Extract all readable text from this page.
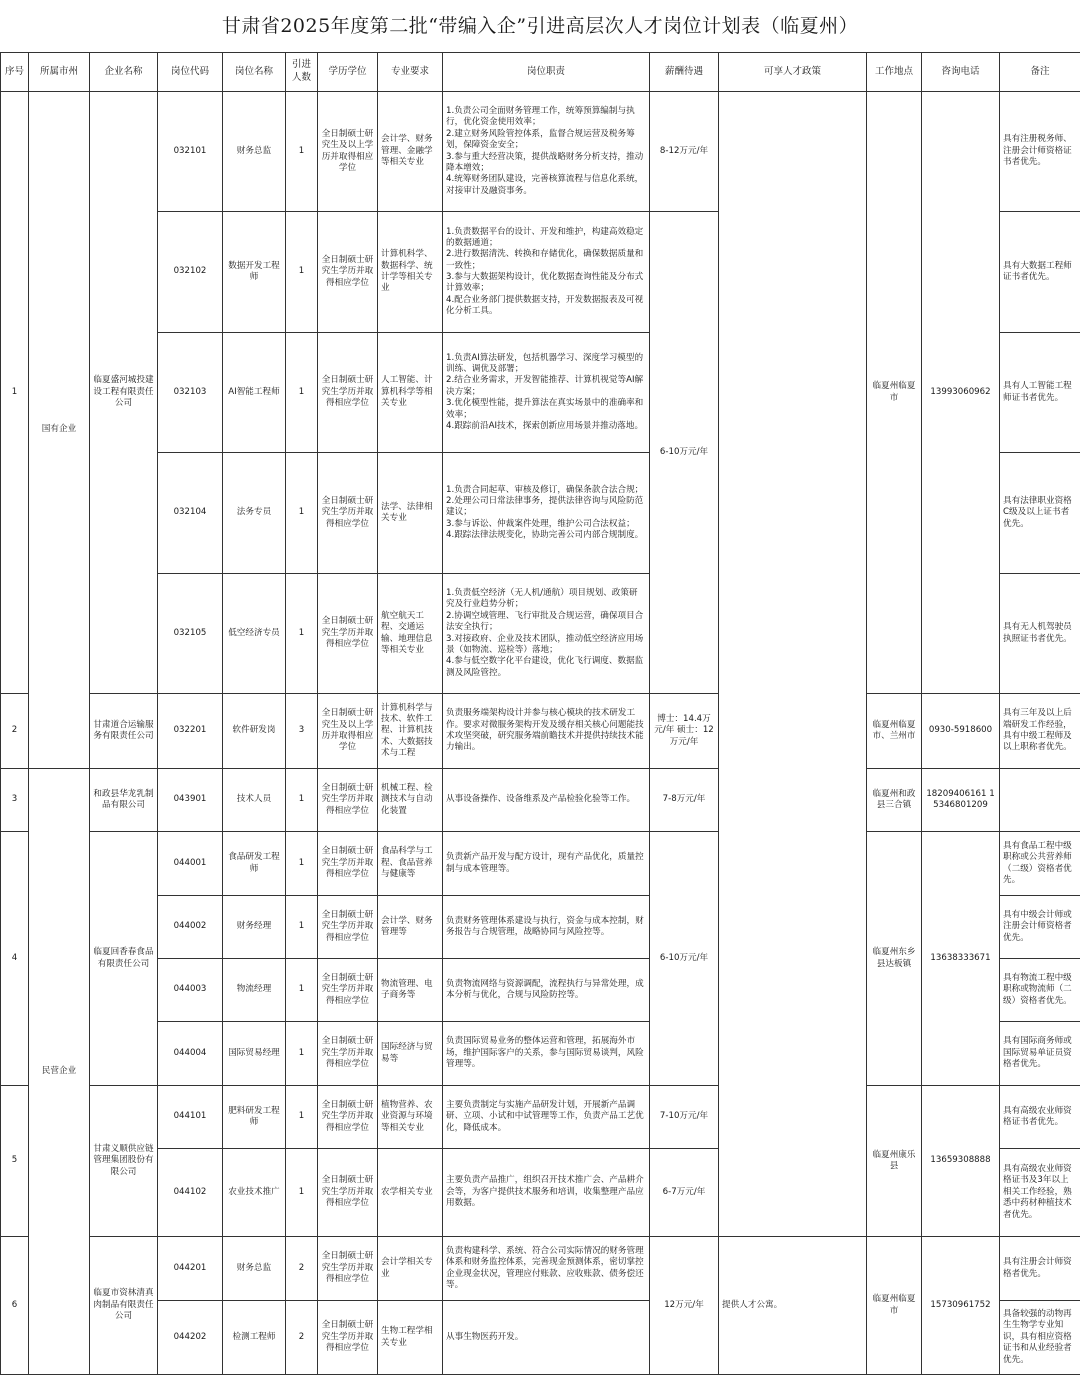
甘肃省2025年度第二批“带编入企”引进高层次人才岗位计划表（临夏州）
序号	所属市州	企业名称	岗位代码	岗位名称	引进人数	学历学位	专业要求	岗位职责	薪酬待遇	可享人才政策	工作地点	咨询电话	备注
1	国有企业	临夏盛河城投建设工程有限责任公司	032101	财务总监	1	全日制硕士研究生及以上学历并取得相应学位	会计学、财务管理、金融学等相关专业	1.负责公司全面财务管理工作，统筹预算编制与执行，优化资金使用效率；
2.建立财务风险管控体系，监督合规运营及税务筹划，保障资金安全；
3.参与重大经营决策，提供战略财务分析支持，推动降本增效；
4.统筹财务团队建设，完善核算流程与信息化系统，对接审计及融资事务。	8-12万元/年		临夏州临夏市	13993060962	具有注册税务师、注册会计师资格证书者优先。
			032102	数据开发工程师	1	全日制硕士研究生学历并取得相应学位	计算机科学、数据科学、统计学等相关专业	1.负责数据平台的设计、开发和维护，构建高效稳定的数据通道；
2.进行数据清洗、转换和存储优化，确保数据质量和一致性；
3.参与大数据架构设计，优化数据查询性能及分布式计算效率；
4.配合业务部门提供数据支持，开发数据报表及可视化分析工具。	6-10万元/年				具有大数据工程师证书者优先。
			032103	AI智能工程师	1	全日制硕士研究生学历并取得相应学位	人工智能、计算机科学等相关专业	1.负责AI算法研发，包括机器学习、深度学习模型的训练、调优及部署；
2.结合业务需求，开发智能推荐、计算机视觉等AI解决方案；
3.优化模型性能，提升算法在真实场景中的准确率和效率；
4.跟踪前沿AI技术，探索创新应用场景并推动落地。					具有人工智能工程师证书者优先。
			032104	法务专员	1	全日制硕士研究生学历并取得相应学位	法学、法律相关专业	1.负责合同起草、审核及修订，确保条款合法合规；
2.处理公司日常法律事务，提供法律咨询与风险防范建议；
3.参与诉讼、仲裁案件处理，维护公司合法权益；
4.跟踪法律法规变化，协助完善公司内部合规制度。					具有法律职业资格C级及以上证书者优先。
			032105	低空经济专员	1	全日制硕士研究生学历并取得相应学位	航空航天工程、交通运输、地理信息等相关专业	1.负责低空经济（无人机/通航）项目规划、政策研究及行业趋势分析；
2.协调空域管理、飞行审批及合规运营，确保项目合法安全执行；
3.对接政府、企业及技术团队，推动低空经济应用场景（如物流、巡检等）落地；
4.参与低空数字化平台建设，优化飞行调度、数据监测及风险管控。					具有无人机驾驶员执照证书者优先。
2		甘肃道合运输服务有限责任公司	032201	软件研发岗	3	全日制硕士研究生及以上学历并取得相应学位	计算机科学与技术、软件工程、计算机技术、大数据技术与工程	负责服务端架构设计并参与核心模块的技术研发工作。要求对微服务架构开发及缓存相关核心问题能技术攻坚突破，研究服务端前瞻技术并提供持续技术能力输出。	博士：14.4万元/年 硕士：12万元/年		临夏州临夏市、兰州市	0930-5918600	具有三年及以上后端研发工作经验，具有中级工程师及以上职称者优先。
3	民营企业	和政县华龙乳制品有限公司	043901	技术人员	1	全日制硕士研究生学历并取得相应学位	机械工程、检测技术与自动化装置	从事设备操作、设备维系及产品检验化验等工作。	7-8万元/年		临夏州和政县三合镇	18209406161 15346801209	
4		临夏回香春食品有限责任公司	044001	食品研发工程师	1	全日制硕士研究生学历并取得相应学位	食品科学与工程、食品营养与健康等	负责新产品开发与配方设计，现有产品优化，质量控制与成本管理等。	6-10万元/年		临夏州东乡县达板镇	13638333671	具有食品工程中级职称或公共营养师（二级）资格者优先。
			044002	财务经理	1	全日制硕士研究生学历并取得相应学位	会计学、财务管理等	负责财务管理体系建设与执行，资金与成本控制，财务报告与合规管理，战略协同与风险控等。					具有中级会计师或注册会计师资格者优先。
			044003	物流经理	1	全日制硕士研究生学历并取得相应学位	物流管理、电子商务等	负责物流网络与资源调配，流程执行与异常处理，成本分析与优化，合规与风险防控等。					具有物流工程中级职称或物流师（二级）资格者优先。
			044004	国际贸易经理	1	全日制硕士研究生学历并取得相应学位	国际经济与贸易等	负责国际贸易业务的整体运营和管理，拓展海外市场，维护国际客户的关系，参与国际贸易谈判，风险管理等。					具有国际商务师或国际贸易单证员资格者优先。
5		甘肃义顺供应链管理集团股份有限公司	044101	肥料研发工程师	1	全日制硕士研究生学历并取得相应学位	植物营养、农业资源与环境等相关专业	主要负责制定与实施产品研发计划，开展新产品调研、立项、小试和中试管理等工作，负责产品工艺优化，降低成本。	7-10万元/年		临夏州康乐县	13659308888	具有高级农业师资格证书者优先。
			044102	农业技术推广	1	全日制硕士研究生学历并取得相应学位	农学相关专业	主要负责产品推广，组织召开技术推广会、产品耕介会等，为客户提供技术服务和培训，收集整理产品应用数据。	6-7万元/年				具有高级农业师资格证书及3年以上相关工作经验，熟悉中药材种植技术者优先。
6		临夏市资林清真肉制品有限责任公司	044201	财务总监	2	全日制硕士研究生学历并取得相应学位	会计学相关专业	负责构建科学、系统、符合公司实际情况的财务管理体系和财务监控体系，完善现金预测体系，密切掌控企业现金状况，管理应付账款、应收账款、债务偿还等。	12万元/年	提供人才公寓。	临夏州临夏市	15730961752	具有注册会计师资格者优先。
			044202	检测工程师	2	全日制硕士研究生学历并取得相应学位	生物工程学相关专业	从事生物医药开发。					具备较强的动物再生生物学专业知识，具有相应资格证书和从业经验者优先。
